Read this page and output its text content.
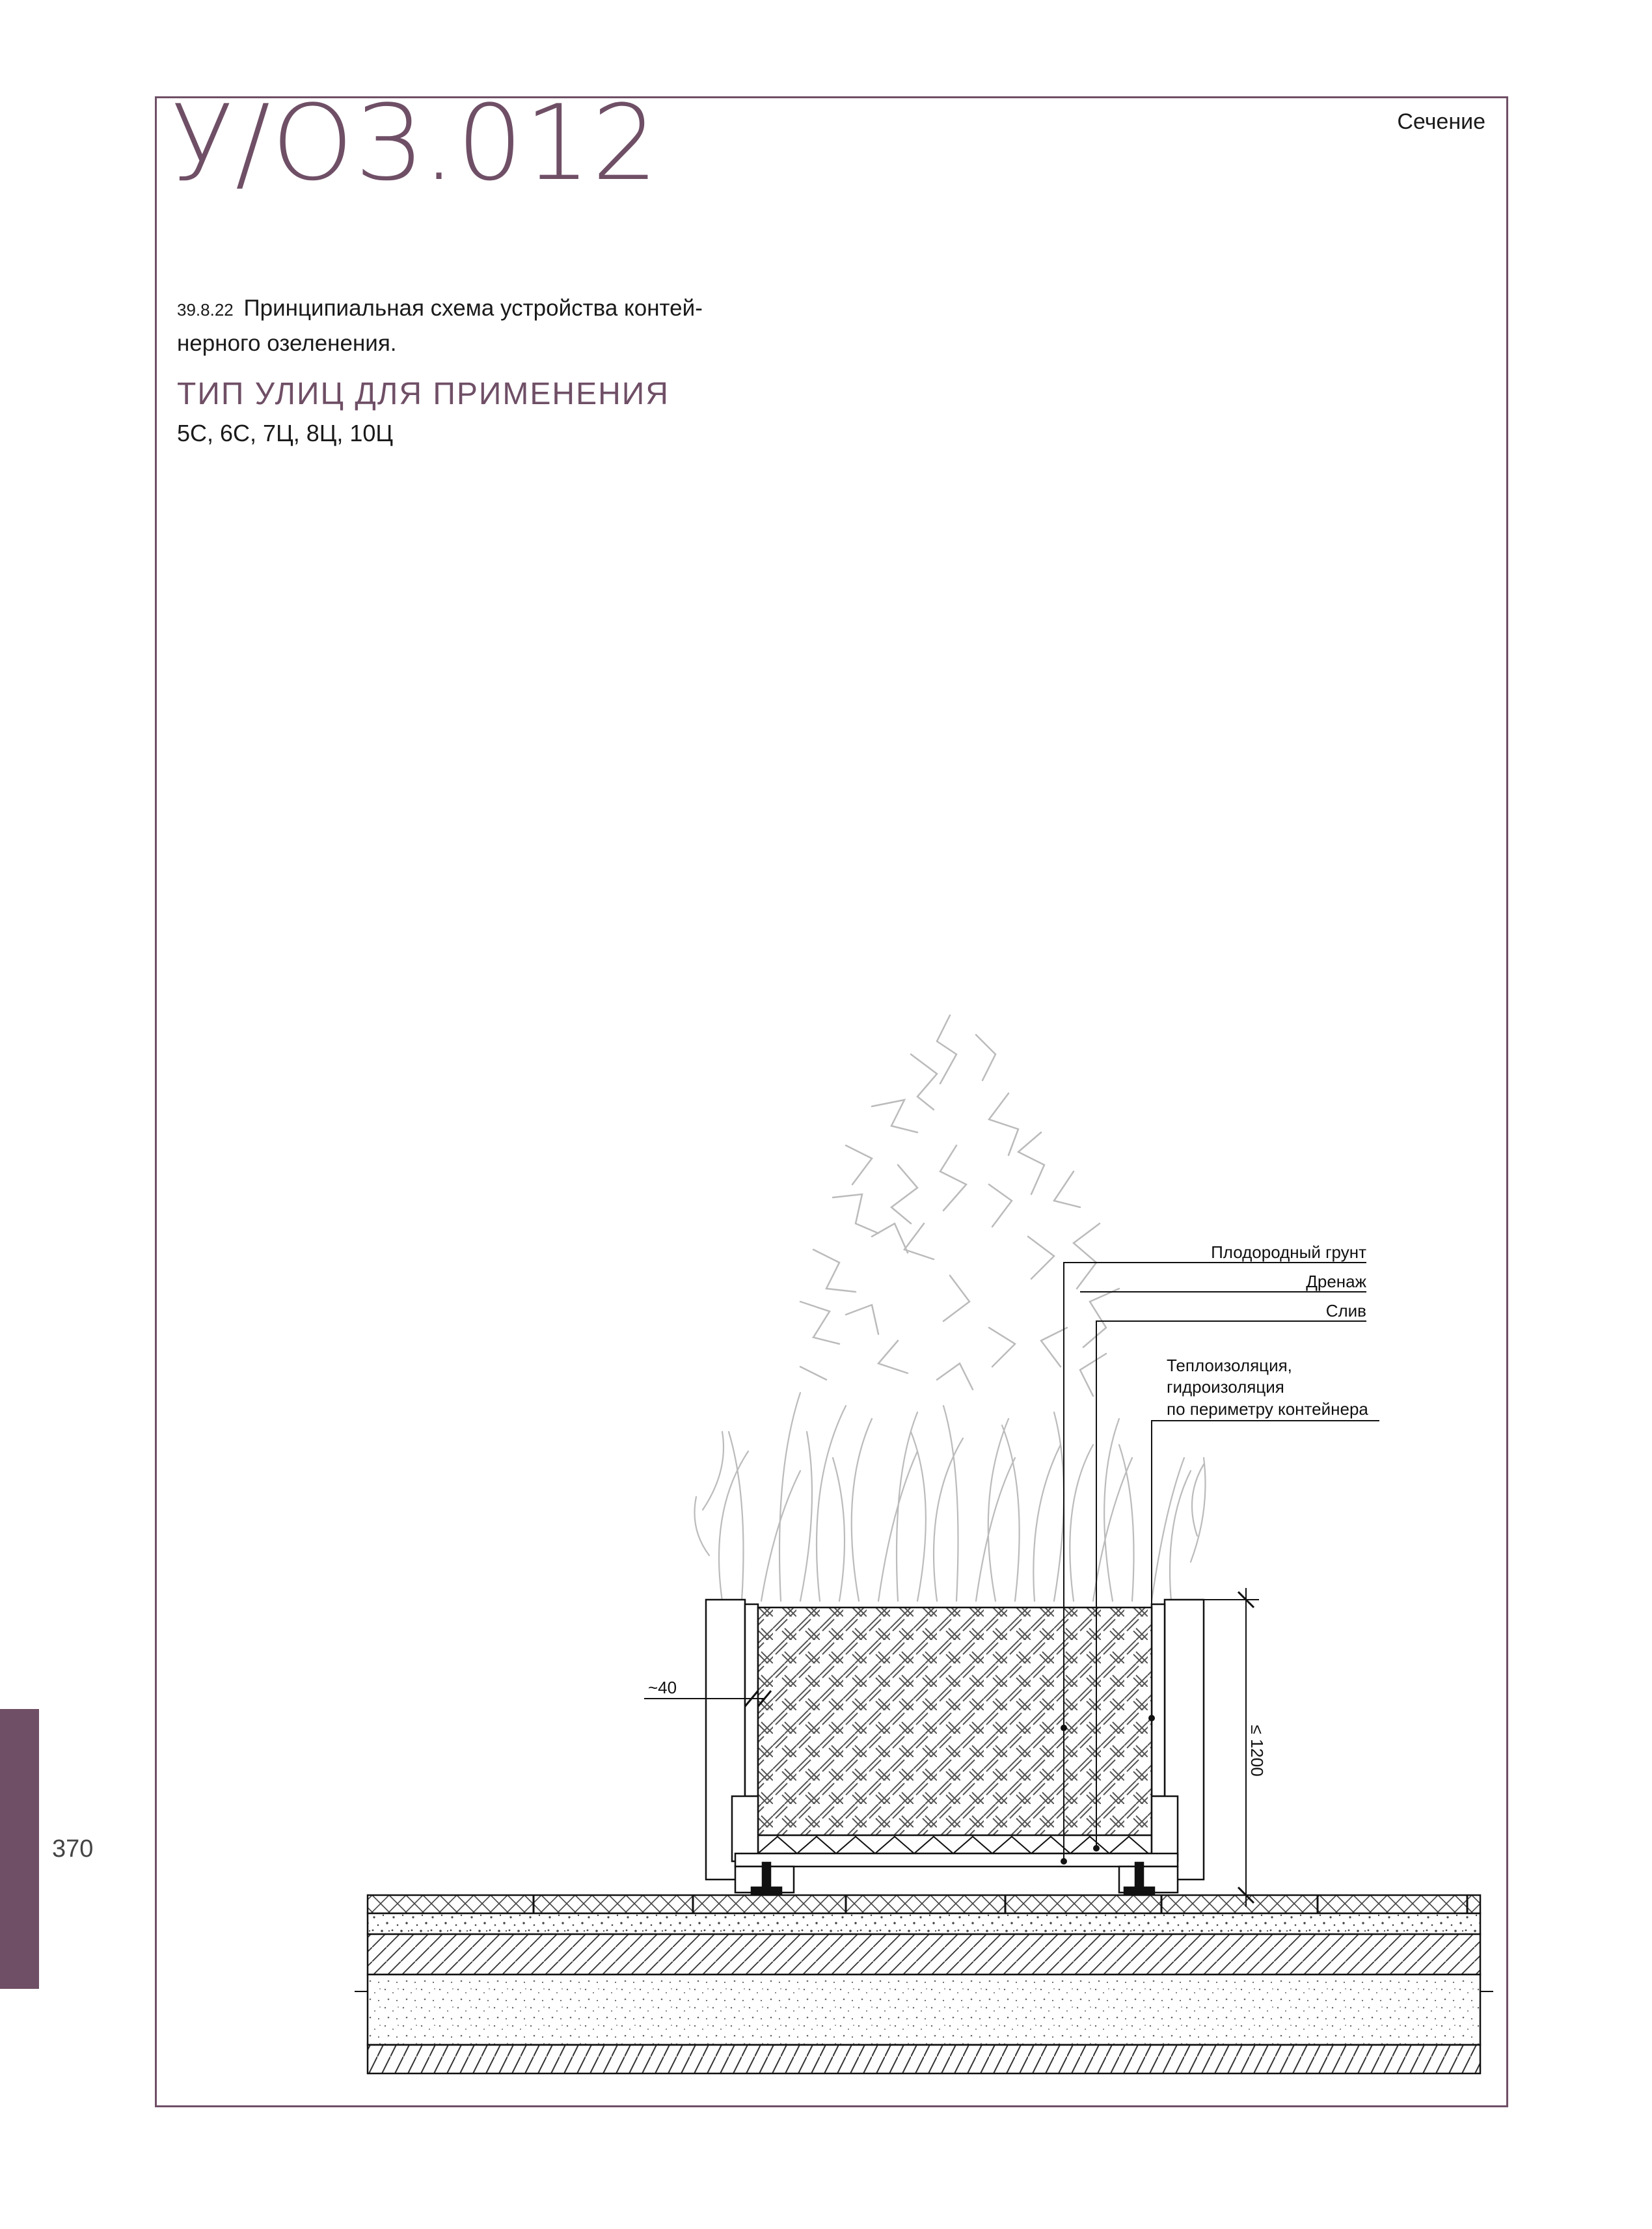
У/ОЗ.012	Сечение
39.8.22 Принципиальная схема устройства контей-
нерного озеленения.
ТИП УЛИЦ ДЛЯ ПРИМЕНЕНИЯ
5С, 6С, 7Ц, 8Ц, 10Ц
370
Плодородный грунт
Дренаж
Слив
Теплоизоляция,
гидроизоляция
по периметру контейнера
~40
≤ 1200
